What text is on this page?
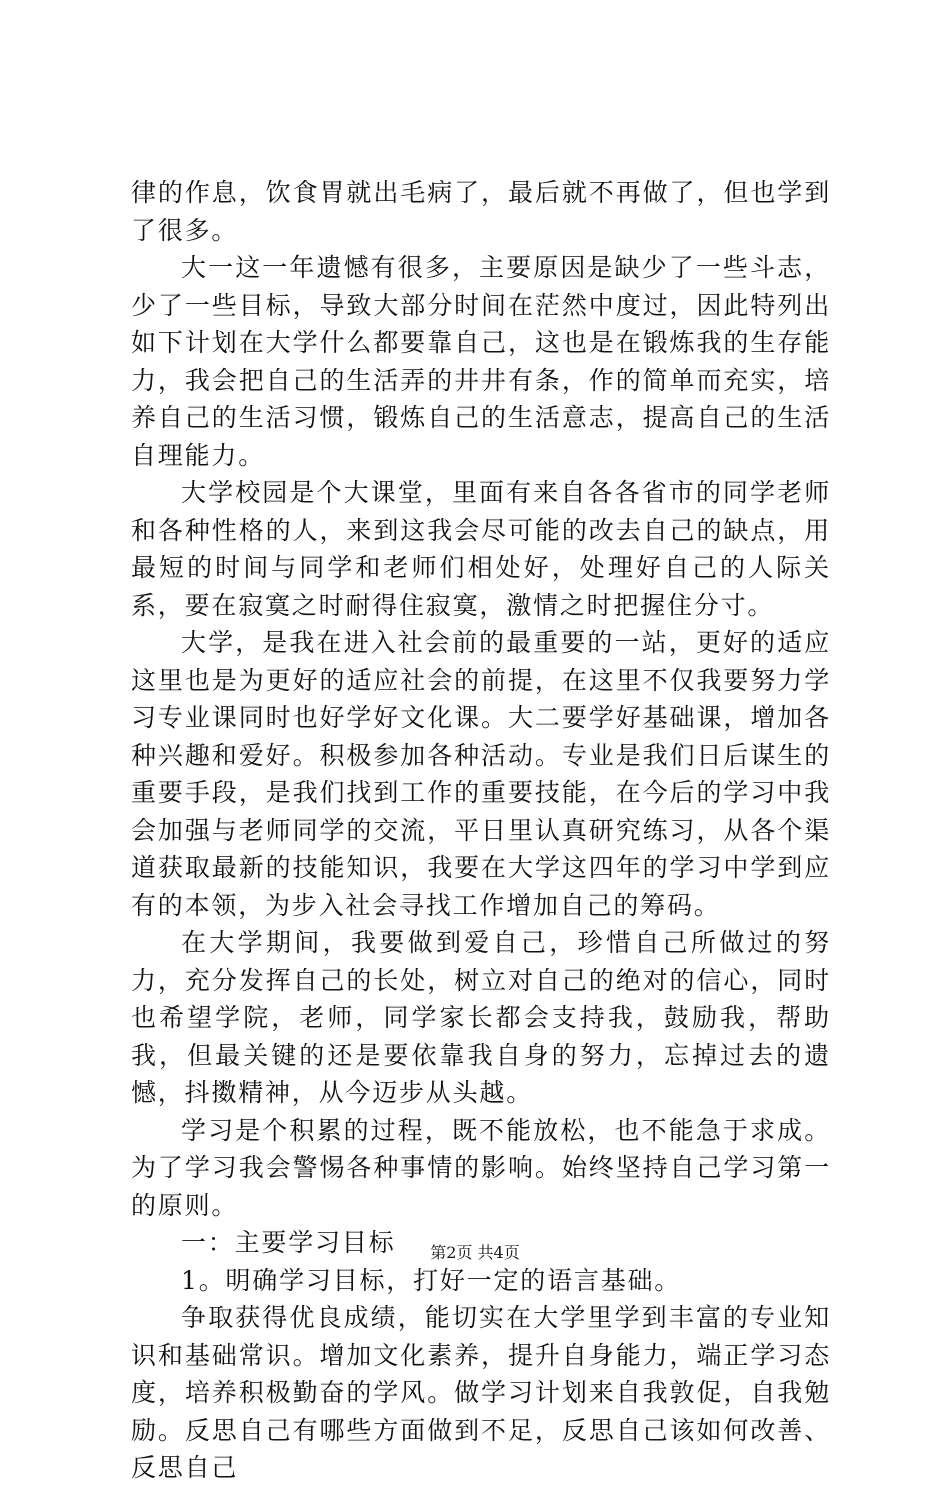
律的作息，饮食胃就出毛病了，最后就不再做了，但也学到了很多。

大一这一年遗憾有很多，主要原因是缺少了一些斗志，少了一些目标，导致大部分时间在茫然中度过，因此特列出如下计划在大学什么都要靠自己，这也是在锻炼我的生存能力，我会把自己的生活弄的井井有条，作的简单而充实，培养自己的生活习惯，锻炼自己的生活意志，提高自己的生活自理能力。

大学校园是个大课堂，里面有来自各各省市的同学老师和各种性格的人，来到这我会尽可能的改去自己的缺点，用最短的时间与同学和老师们相处好，处理好自己的人际关系，要在寂寞之时耐得住寂寞，激情之时把握住分寸。

大学，是我在进入社会前的最重要的一站，更好的适应这里也是为更好的适应社会的前提，在这里不仅我要努力学习专业课同时也好学好文化课。大二要学好基础课，增加各种兴趣和爱好。积极参加各种活动。专业是我们日后谋生的重要手段，是我们找到工作的重要技能，在今后的学习中我会加强与老师同学的交流，平日里认真研究练习，从各个渠道获取最新的技能知识，我要在大学这四年的学习中学到应有的本领，为步入社会寻找工作增加自己的筹码。

在大学期间，我要做到爱自己，珍惜自己所做过的努力，充分发挥自己的长处，树立对自己的绝对的信心，同时也希望学院，老师，同学家长都会支持我，鼓励我，帮助我，但最关键的还是要依靠我自身的努力，忘掉过去的遗憾，抖擞精神，从今迈步从头越。

学习是个积累的过程，既不能放松，也不能急于求成。为了学习我会警惕各种事情的影响。始终坚持自己学习第一的原则。

一：主要学习目标

1。明确学习目标，打好一定的语言基础。

争取获得优良成绩，能切实在大学里学到丰富的专业知识和基础常识。增加文化素养，提升自身能力，端正学习态度，培养积极勤奋的学风。做学习计划来自我敦促，自我勉励。反思自己有哪些方面做到不足，反思自己该如何改善、反思自己

第2页 共4页
